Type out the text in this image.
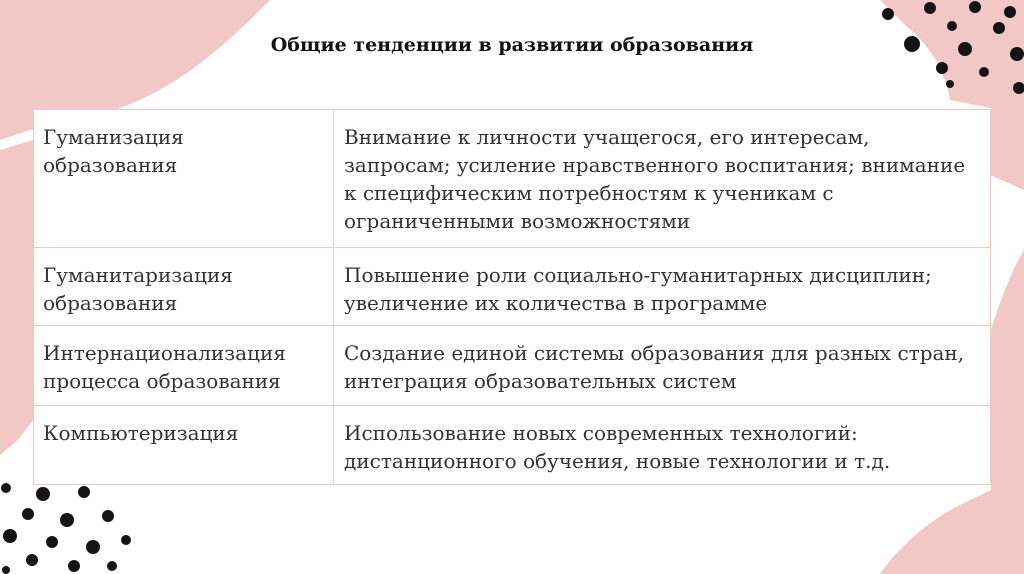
Общие тенденции в развитии образования
Гуманизация образования	Внимание к личности учащегося, его интересам, запросам; усиление нравственного воспитания; внимание к специфическим потребностям к ученикам с ограниченными возможностями
Гуманитаризация образования	Повышение роли социально-гуманитарных дисциплин; увеличение их количества в программе
Интернационализация процесса образования	Создание единой системы образования для разных стран, интеграция образовательных систем
Компьютеризация	Использование новых современных технологий: дистанционного обучения, новые технологии и т.д.
